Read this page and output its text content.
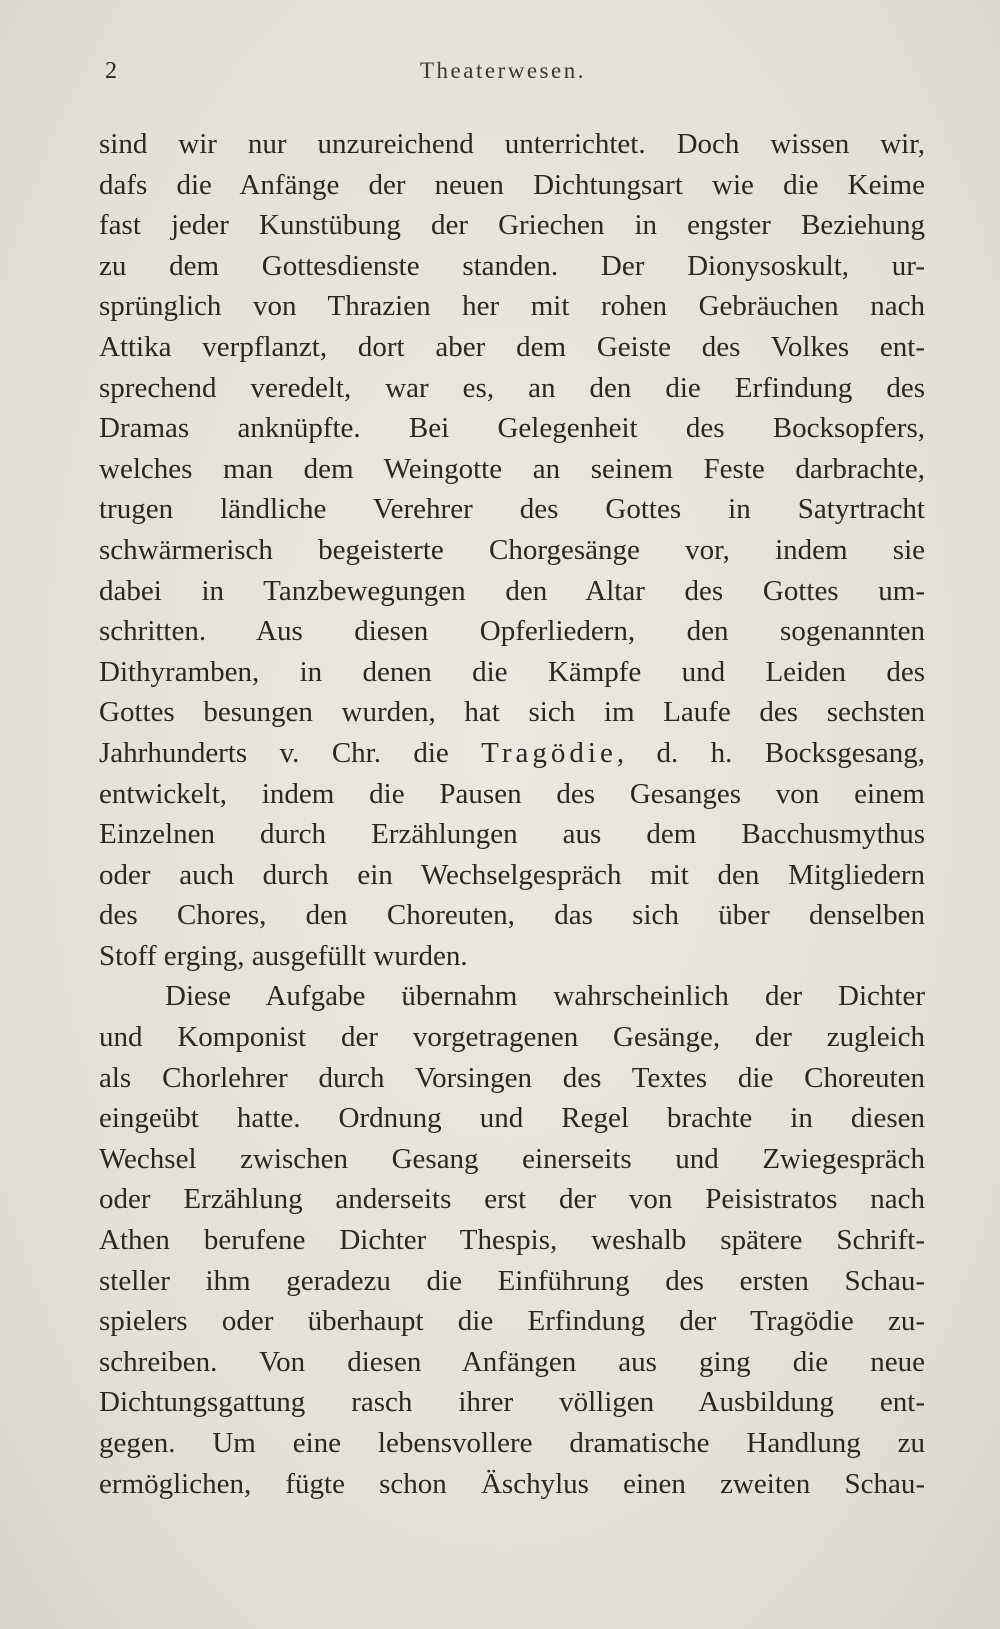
2	Theaterwesen.
sind wir nur unzureichend unterrichtet. Doch wissen wir,
dafs die Anfänge der neuen Dichtungsart wie die Keime
fast jeder Kunstübung der Griechen in engster Beziehung
zu dem Gottesdienste standen. Der Dionysoskult, ur-
sprünglich von Thrazien her mit rohen Gebräuchen nach
Attika verpflanzt, dort aber dem Geiste des Volkes ent-
sprechend veredelt, war es, an den die Erfindung des
Dramas anknüpfte. Bei Gelegenheit des Bocksopfers,
welches man dem Weingotte an seinem Feste darbrachte,
trugen ländliche Verehrer des Gottes in Satyrtracht
schwärmerisch begeisterte Chorgesänge vor, indem sie
dabei in Tanzbewegungen den Altar des Gottes um-
schritten. Aus diesen Opferliedern, den sogenannten
Dithyramben, in denen die Kämpfe und Leiden des
Gottes besungen wurden, hat sich im Laufe des sechsten
Jahrhunderts v. Chr. die Tragödie, d. h. Bocksgesang,
entwickelt, indem die Pausen des Gesanges von einem
Einzelnen durch Erzählungen aus dem Bacchusmythus
oder auch durch ein Wechselgespräch mit den Mitgliedern
des Chores, den Choreuten, das sich über denselben
Stoff erging, ausgefüllt wurden.
Diese Aufgabe übernahm wahrscheinlich der Dichter
und Komponist der vorgetragenen Gesänge, der zugleich
als Chorlehrer durch Vorsingen des Textes die Choreuten
eingeübt hatte. Ordnung und Regel brachte in diesen
Wechsel zwischen Gesang einerseits und Zwiegespräch
oder Erzählung anderseits erst der von Peisistratos nach
Athen berufene Dichter Thespis, weshalb spätere Schrift-
steller ihm geradezu die Einführung des ersten Schau-
spielers oder überhaupt die Erfindung der Tragödie zu-
schreiben. Von diesen Anfängen aus ging die neue
Dichtungsgattung rasch ihrer völligen Ausbildung ent-
gegen. Um eine lebensvollere dramatische Handlung zu
ermöglichen, fügte schon Äschylus einen zweiten Schau-
